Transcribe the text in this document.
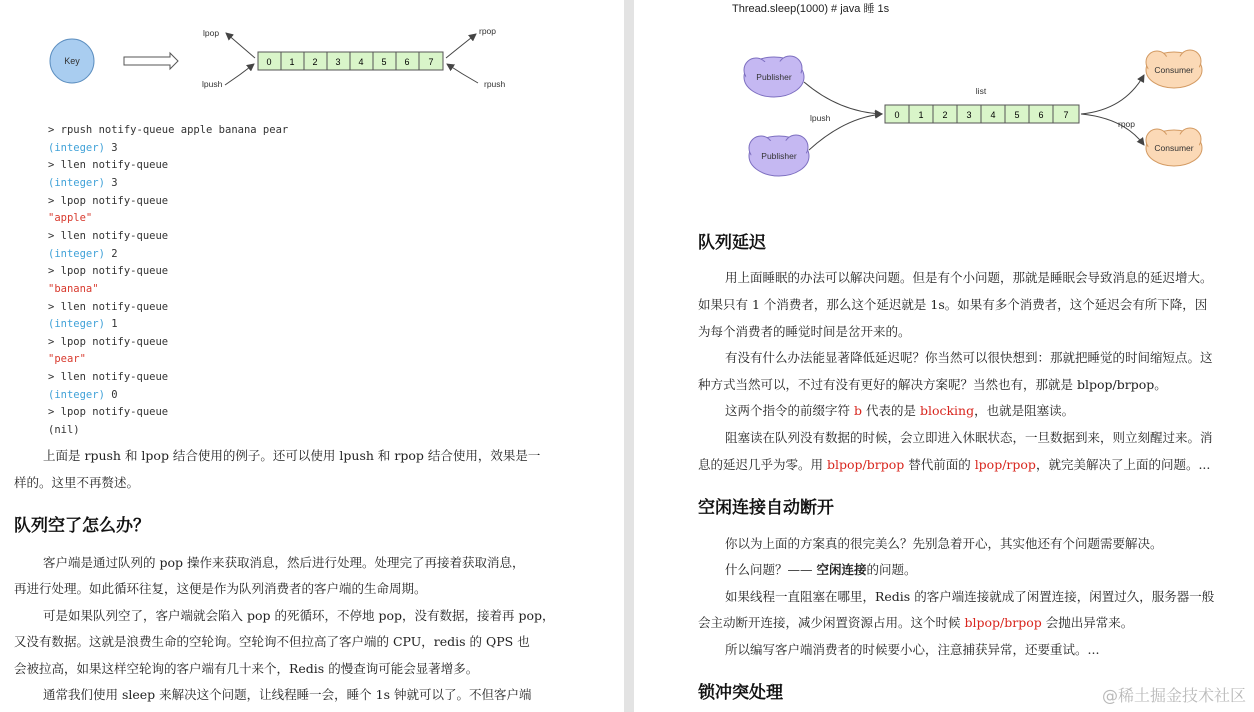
Key	0 1 2 3 4 5 6 7
lpop
lpush
rpop
rpush
> rpush notify-queue apple banana pear
(integer) 3
> llen notify-queue
(integer) 3
> lpop notify-queue
"apple"
> llen notify-queue
(integer) 2
> lpop notify-queue
"banana"
> llen notify-queue
(integer) 1
> lpop notify-queue
"pear"
> llen notify-queue
(integer) 0
> lpop notify-queue
(nil)
上面是 rpush 和 lpop 结合使用的例子。还可以使用 lpush 和 rpop 结合使用，效果是一
样的。这里不再赘述。
队列空了怎么办？
客户端是通过队列的 pop 操作来获取消息，然后进行处理。处理完了再接着获取消息，
再进行处理。如此循环往复，这便是作为队列消费者的客户端的生命周期。
可是如果队列空了，客户端就会陷入 pop 的死循环，不停地 pop，没有数据，接着再 pop，
又没有数据。这就是浪费生命的空轮询。空轮询不但拉高了客户端的 CPU，redis 的 QPS 也
会被拉高，如果这样空轮询的客户端有几十来个，Redis 的慢查询可能会显著增多。
通常我们使用 sleep 来解决这个问题，让线程睡一会，睡个 1s 钟就可以了。不但客户端
Thread.sleep(1000) # java 睡 1s
Publisher
Publisher
Consumer
Consumer
0 1 2 3 4 5 6 7
list
lpush
rpop
队列延迟
用上面睡眠的办法可以解决问题。但是有个小问题，那就是睡眠会导致消息的延迟增大。
如果只有 1 个消费者，那么这个延迟就是 1s。如果有多个消费者，这个延迟会有所下降，因
为每个消费者的睡觉时间是岔开来的。
有没有什么办法能显著降低延迟呢？你当然可以很快想到：那就把睡觉的时间缩短点。这
种方式当然可以，不过有没有更好的解决方案呢？当然也有，那就是 blpop/brpop。
这两个指令的前缀字符 b 代表的是 blocking，也就是阻塞读。
阻塞读在队列没有数据的时候，会立即进入休眠状态，一旦数据到来，则立刻醒过来。消
息的延迟几乎为零。用 blpop/brpop 替代前面的 lpop/rpop，就完美解决了上面的问题。...
空闲连接自动断开
你以为上面的方案真的很完美么？先别急着开心，其实他还有个问题需要解决。
什么问题？—— 空闲连接的问题。
如果线程一直阻塞在哪里，Redis 的客户端连接就成了闲置连接，闲置过久，服务器一般
会主动断开连接，减少闲置资源占用。这个时候 blpop/brpop 会抛出异常来。
所以编写客户端消费者的时候要小心，注意捕获异常，还要重试。...
锁冲突处理	@稀土掘金技术社区
